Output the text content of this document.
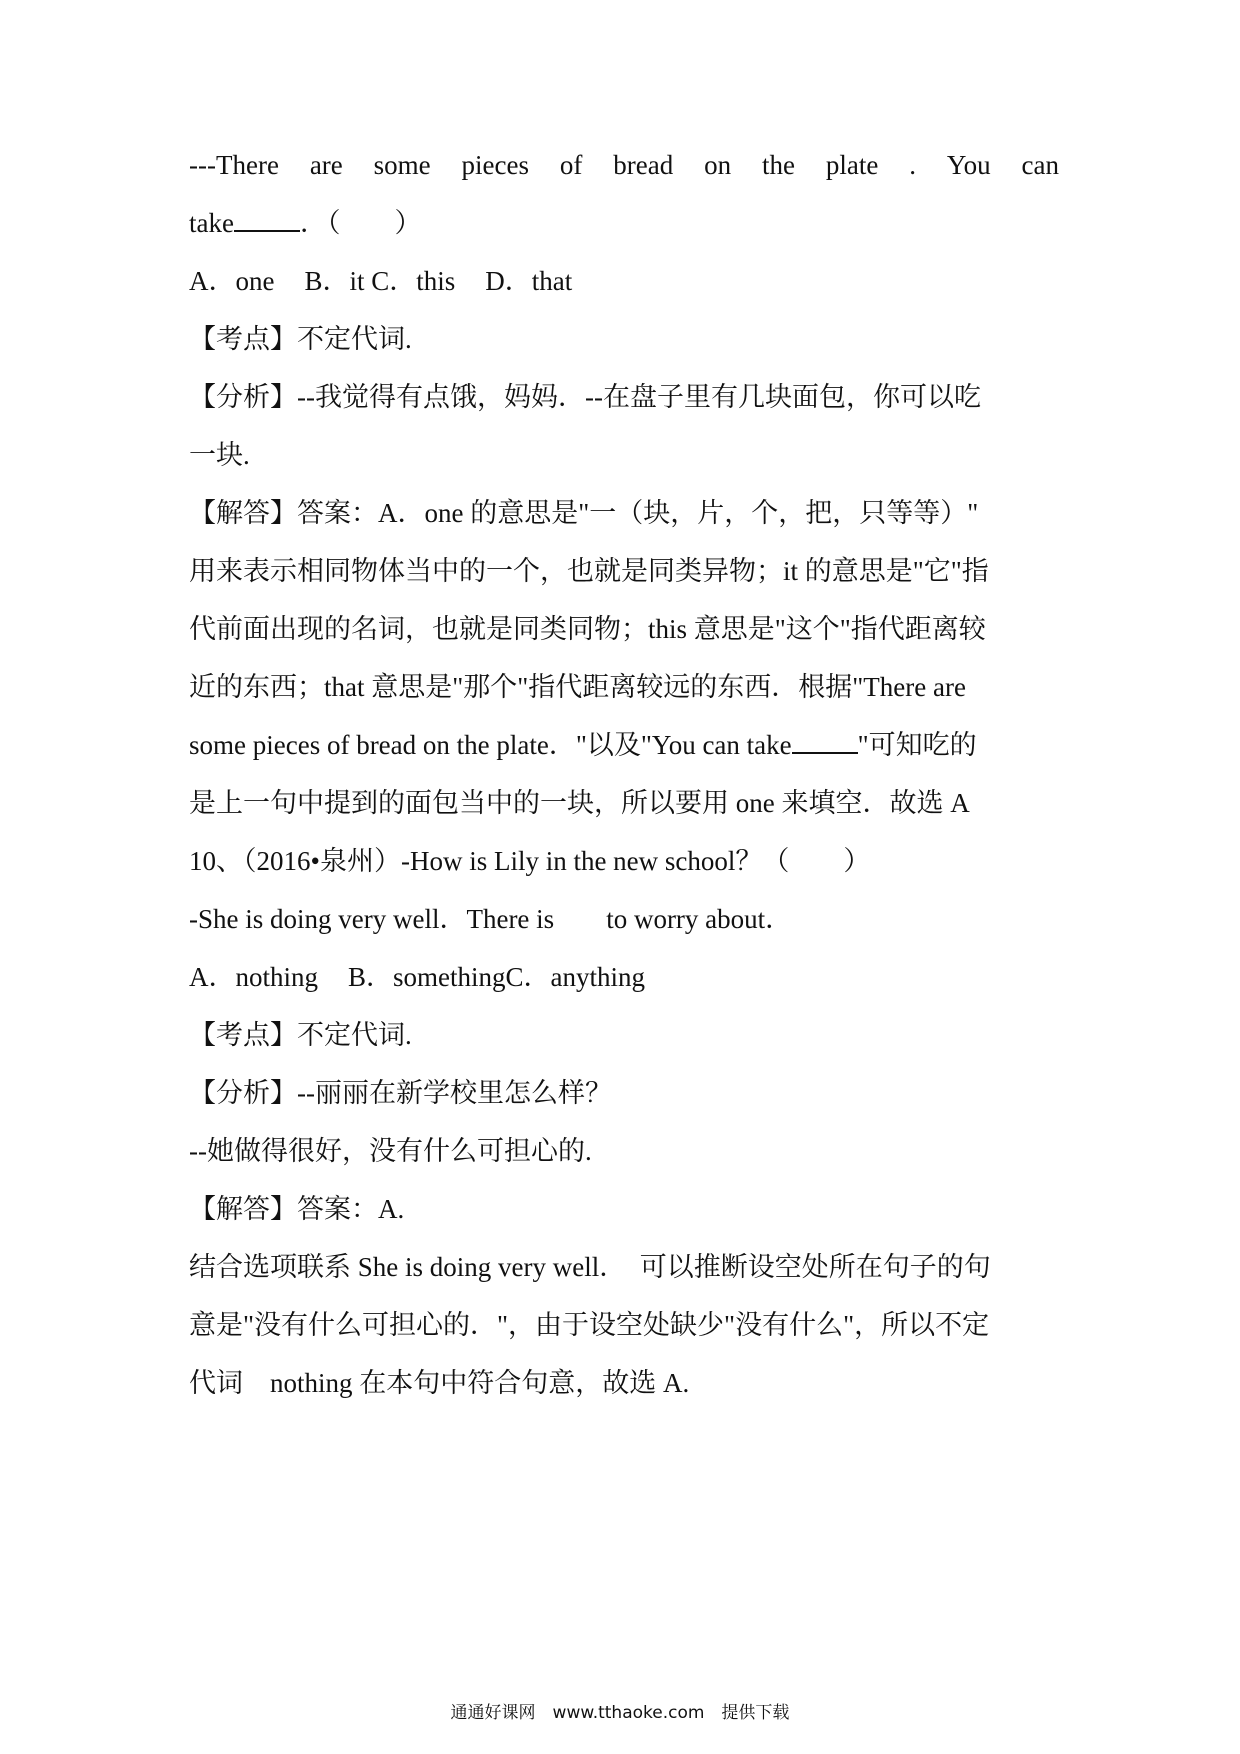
---There are some pieces of bread on the plate . You can
take ．（　　）
A．one B．it C．this D．that
【考点】不定代词.
【分析】--我觉得有点饿，妈妈．--在盘子里有几块面包，你可以吃
一块.
【解答】答案：A．one 的意思是"一（块，片，个，把，只等等）"
用来表示相同物体当中的一个，也就是同类异物；it 的意思是"它"指
代前面出现的名词，也就是同类同物；this 意思是"这个"指代距离较
近的东西；that 意思是"那个"指代距离较远的东西．根据"There are
some pieces of bread on the plate．"以及"You can take "可知吃的
是上一句中提到的面包当中的一块，所以要用 one 来填空．故选 A
10、（2016•泉州）-How is Lily in the new school？（　　）
-She is doing very well．There is to worry about．
A．nothing B．somethingC．anything
【考点】不定代词.
【分析】--丽丽在新学校里怎么样？
--她做得很好，没有什么可担心的.
【解答】答案：A.
结合选项联系 She is doing very well．　可以推断设空处所在句子的句
意是"没有什么可担心的．"，由于设空处缺少"没有什么"，所以不定
代词　nothing 在本句中符合句意，故选 A.
通通好课网　www.tthaoke.com　提供下载
